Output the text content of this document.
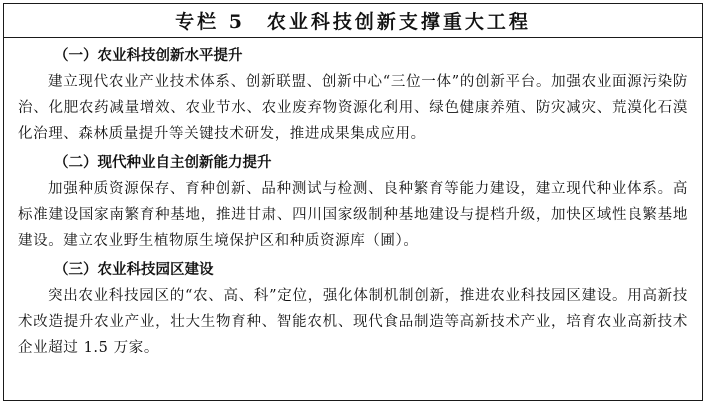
专栏 5　农业科技创新支撑重大工程
（一）农业科技创新水平提升
建立现代农业产业技术体系、创新联盟、创新中心“三位一体”的创新平台。加强农业面源污染防治、化肥农药减量增效、农业节水、农业废弃物资源化利用、绿色健康养殖、防灾减灾、荒漠化石漠化治理、森林质量提升等关键技术研发，推进成果集成应用。
（二）现代种业自主创新能力提升
加强种质资源保存、育种创新、品种测试与检测、良种繁育等能力建设，建立现代种业体系。高标准建设国家南繁育种基地，推进甘肃、四川国家级制种基地建设与提档升级，加快区域性良繁基地建设。建立农业野生植物原生境保护区和种质资源库（圃）。
（三）农业科技园区建设
突出农业科技园区的“农、高、科”定位，强化体制机制创新，推进农业科技园区建设。用高新技术改造提升农业产业，壮大生物育种、智能农机、现代食品制造等高新技术产业，培育农业高新技术企业超过 1.5 万家。
